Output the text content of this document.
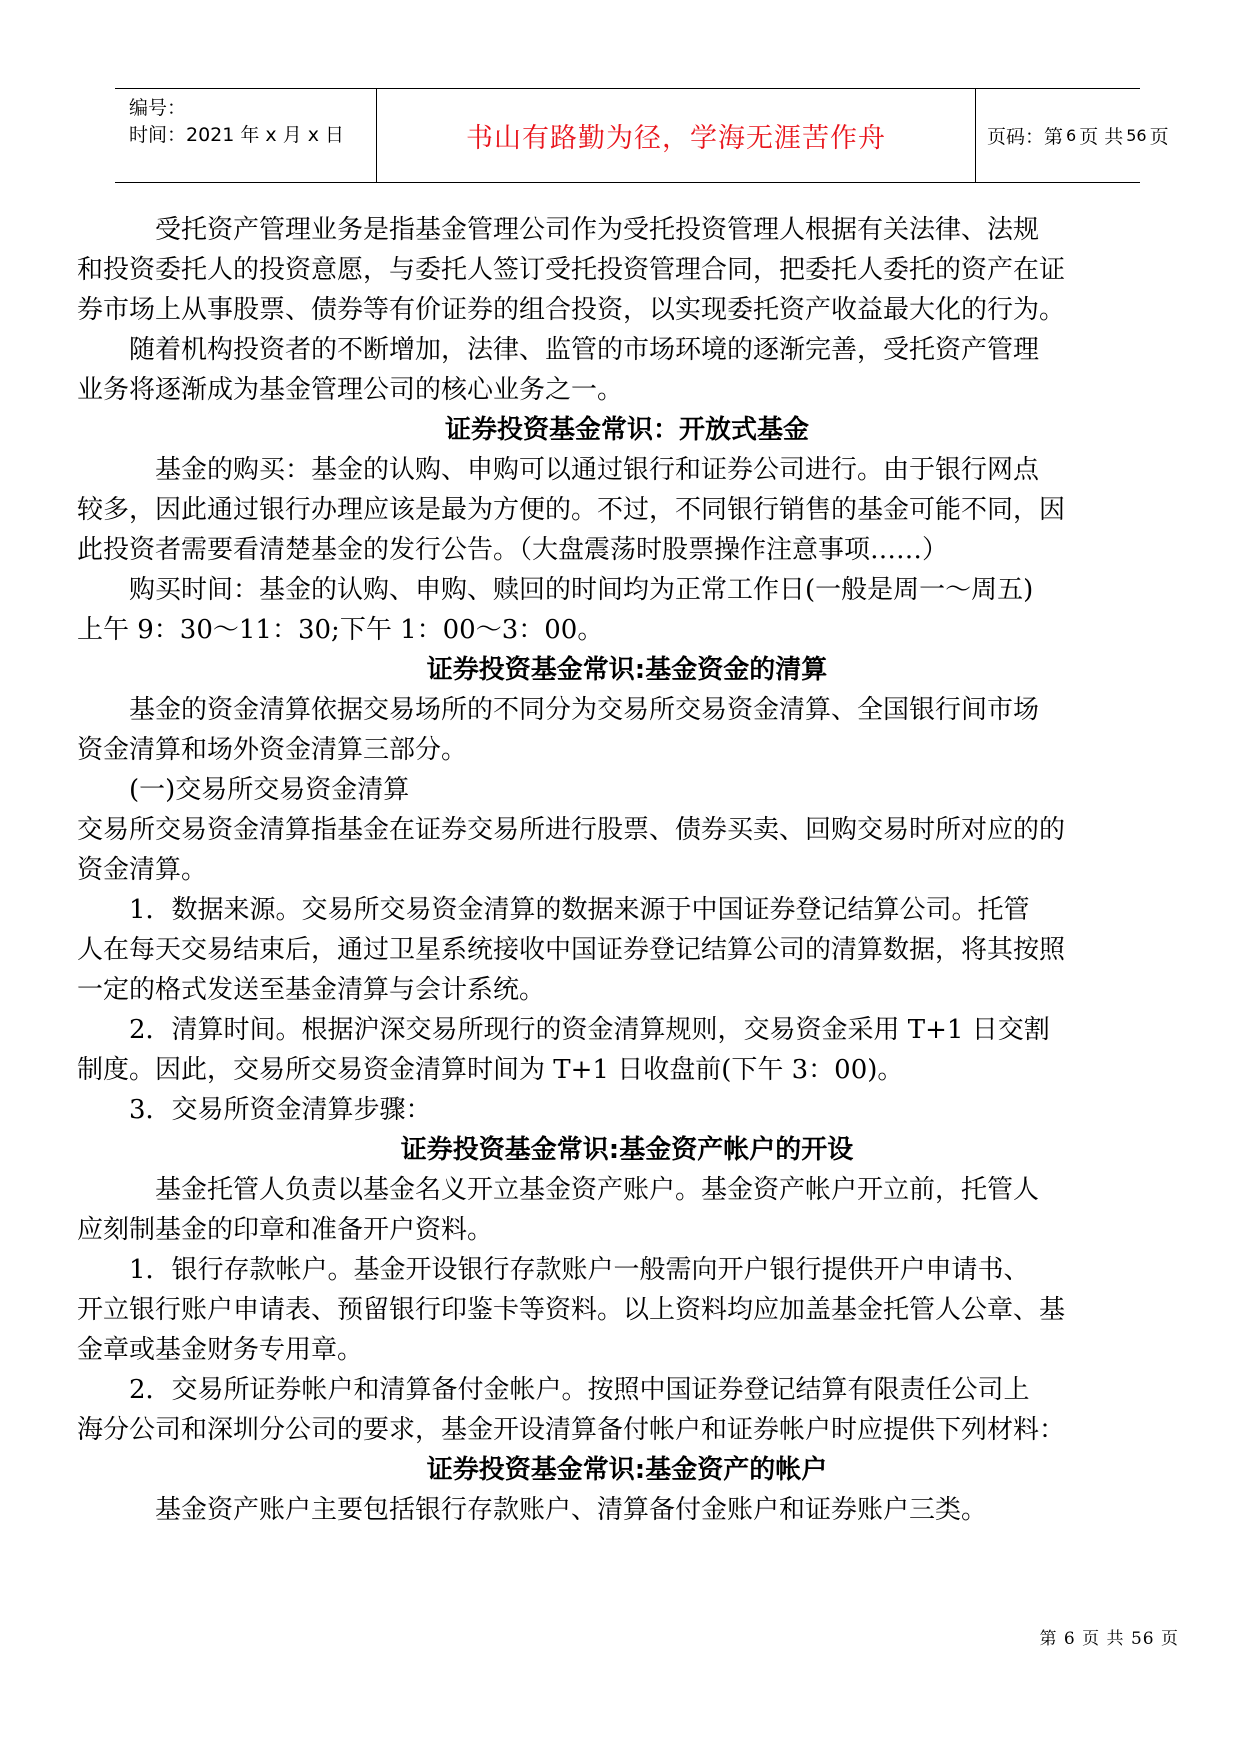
编号：
时间：2021 年 x 月 x 日	书山有路勤为径，学海无涯苦作舟	页码：第 6 页 共 56 页

　　　受托资产管理业务是指基金管理公司作为受托投资管理人根据有关法律、法规

和投资委托人的投资意愿，与委托人签订受托投资管理合同，把委托人委托的资产在证

券市场上从事股票、债券等有价证券的组合投资，以实现委托资产收益最大化的行为。

　　随着机构投资者的不断增加，法律、监管的市场环境的逐渐完善，受托资产管理

业务将逐渐成为基金管理公司的核心业务之一。

证券投资基金常识：开放式基金

　　　基金的购买：基金的认购、申购可以通过银行和证券公司进行。由于银行网点

较多，因此通过银行办理应该是最为方便的。不过，不同银行销售的基金可能不同，因

此投资者需要看清楚基金的发行公告。（大盘震荡时股票操作注意事项……）

　　购买时间：基金的认购、申购、赎回的时间均为正常工作日(一般是周一～周五)

上午 9：30～11：30;下午 1：00～3：00。

证券投资基金常识:基金资金的清算

　　基金的资金清算依据交易场所的不同分为交易所交易资金清算、全国银行间市场

资金清算和场外资金清算三部分。

　　(一)交易所交易资金清算

交易所交易资金清算指基金在证券交易所进行股票、债券买卖、回购交易时所对应的的

资金清算。

　　1．数据来源。交易所交易资金清算的数据来源于中国证券登记结算公司。托管

人在每天交易结束后，通过卫星系统接收中国证券登记结算公司的清算数据，将其按照

一定的格式发送至基金清算与会计系统。

　　2．清算时间。根据沪深交易所现行的资金清算规则，交易资金采用 T+1 日交割

制度。因此，交易所交易资金清算时间为 T+1 日收盘前(下午 3：00)。

　　3．交易所资金清算步骤：

证券投资基金常识:基金资产帐户的开设

　　　基金托管人负责以基金名义开立基金资产账户。基金资产帐户开立前，托管人

应刻制基金的印章和准备开户资料。

　　1．银行存款帐户。基金开设银行存款账户一般需向开户银行提供开户申请书、

开立银行账户申请表、预留银行印鉴卡等资料。以上资料均应加盖基金托管人公章、基

金章或基金财务专用章。

　　2．交易所证券帐户和清算备付金帐户。按照中国证券登记结算有限责任公司上

海分公司和深圳分公司的要求，基金开设清算备付帐户和证券帐户时应提供下列材料：

证券投资基金常识:基金资产的帐户

　　　基金资产账户主要包括银行存款账户、清算备付金账户和证券账户三类。

第 6 页 共 56 页
